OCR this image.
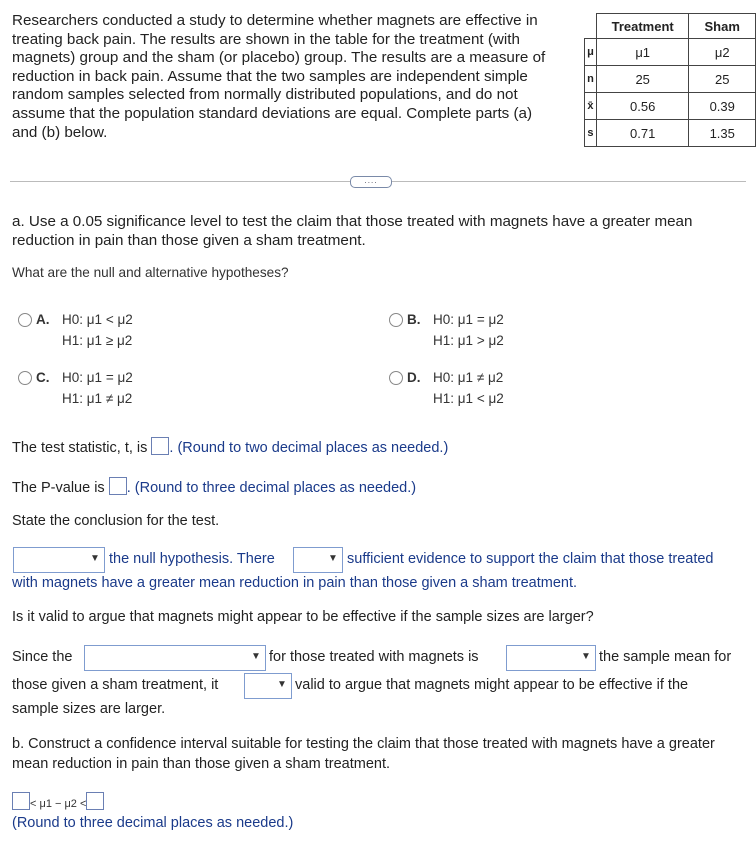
Researchers conducted a study to determine whether magnets are effective in
treating back pain. The results are shown in the table for the treatment (with
magnets) group and the sham (or placebo) group. The results are a measure of
reduction in back pain. Assume that the two samples are independent simple
random samples selected from normally distributed populations, and do not
assume that the population standard deviations are equal. Complete parts (a)
and (b) below.
	Treatment	Sham
μ	μ1	μ2
n	25	25
x̄	0.56	0.39
s	0.71	1.35
....
a. Use a 0.05 significance level to test the claim that those treated with magnets have a greater mean reduction in pain than those given a sham treatment.
What are the null and alternative hypotheses?
A. H0: μ1 < μ2
H1: μ1 ≥ μ2
B. H0: μ1 = μ2
H1: μ1 > μ2
C. H0: μ1 = μ2
H1: μ1 ≠ μ2
D. H0: μ1 ≠ μ2
H1: μ1 < μ2
The test statistic, t, is . (Round to two decimal places as needed.)
The P-value is . (Round to three decimal places as needed.)
State the conclusion for the test.
▼ the null hypothesis. There	▼ sufficient evidence to support the claim that those treated
with magnets have a greater mean reduction in pain than those given a sham treatment.
Is it valid to argue that magnets might appear to be effective if the sample sizes are larger?
Since the	▼ for those treated with magnets is	▼ the sample mean for
those given a sham treatment, it	▼ valid to argue that magnets might appear to be effective if the
sample sizes are larger.
b. Construct a confidence interval suitable for testing the claim that those treated with magnets have a greater mean reduction in pain than those given a sham treatment.
< μ1 − μ2 <
(Round to three decimal places as needed.)
